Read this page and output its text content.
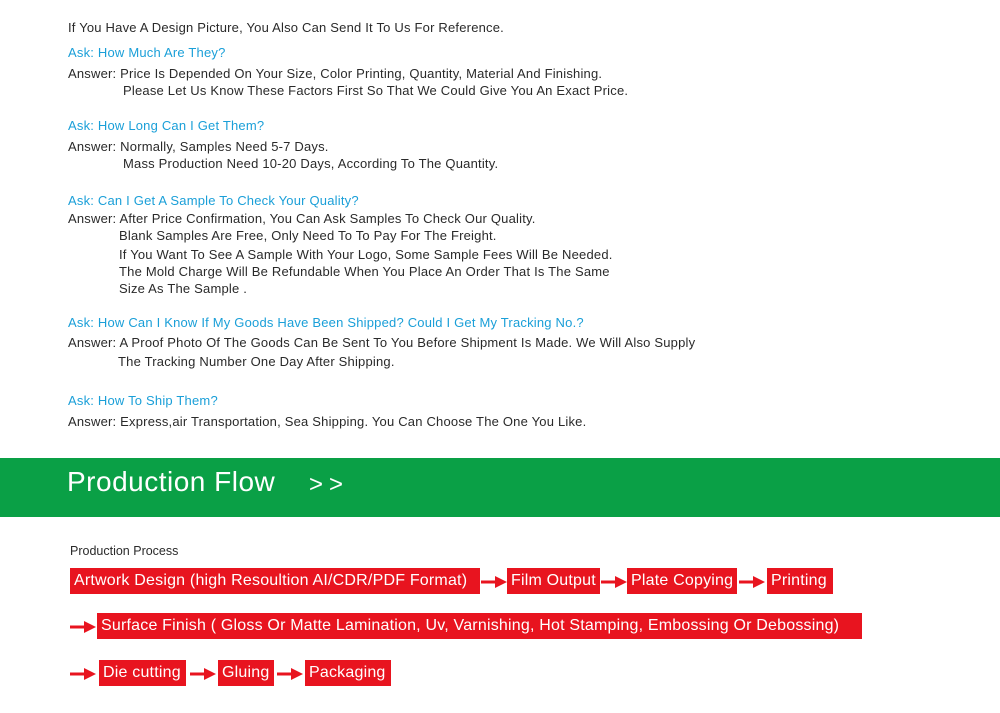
If You Have A Design Picture, You Also Can Send It To Us For Reference.
Ask: How Much Are They?
Answer: Price Is Depended On Your Size, Color Printing, Quantity, Material And Finishing.
Please Let Us Know These Factors First So That We Could Give You An Exact Price.
Ask: How Long Can I Get Them?
Answer: Normally, Samples Need 5-7 Days.
Mass Production Need 10-20 Days, According To The Quantity.
Ask: Can I Get A Sample To Check Your Quality?
Answer: After Price Confirmation, You Can Ask Samples To Check Our Quality.
Blank Samples Are Free, Only Need To To Pay For The Freight.
If You Want To See A Sample With Your Logo, Some Sample Fees Will Be Needed.
The Mold Charge Will Be Refundable When You Place An Order That Is The Same
Size As The Sample .
Ask: How Can I Know If My Goods Have Been Shipped? Could I Get My Tracking No.?
Answer: A Proof Photo Of The Goods Can Be Sent To You Before Shipment Is Made. We Will Also Supply
The Tracking Number One Day After Shipping.
Ask: How To Ship Them?
Answer: Express,air Transportation, Sea Shipping. You Can Choose The One You Like.
Production Flow >>
Production Process
Artwork Design (high Resoultion AI/CDR/PDF Format)	Film Output Plate Copying Printing
Surface Finish ( Gloss Or Matte Lamination, Uv, Varnishing, Hot Stamping, Embossing Or Debossing)
Die cutting	Gluing Packaging
